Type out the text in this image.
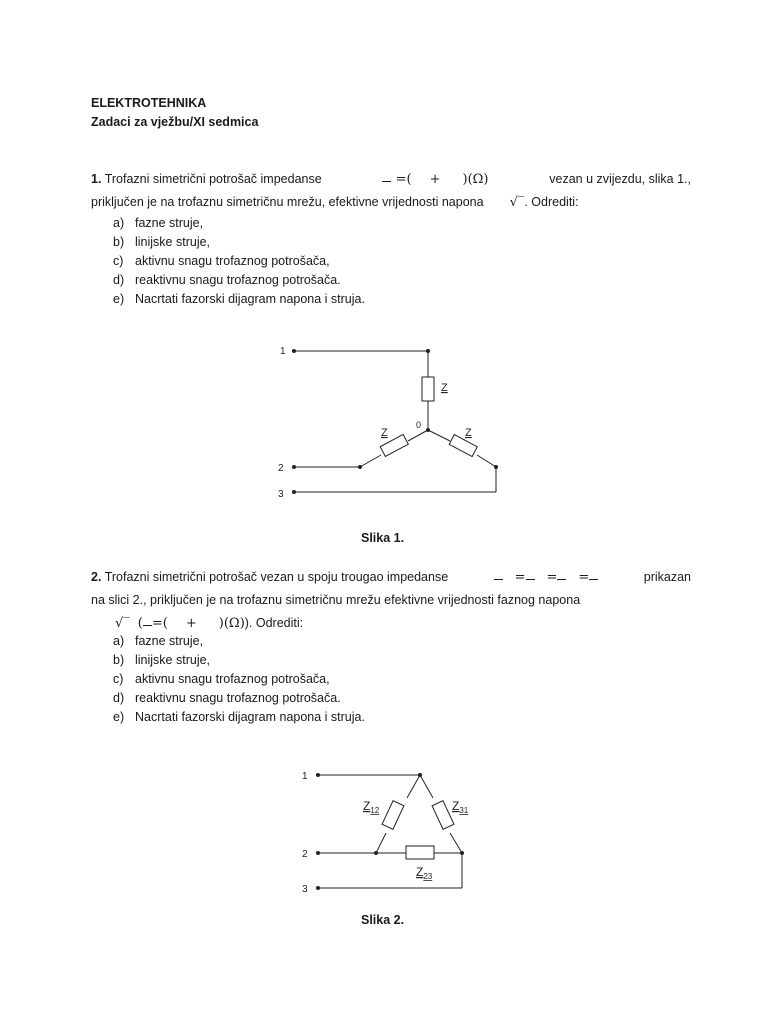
ELEKTROTEHNIKA
Zadaci za vježbu/XI sedmica
1. Trofazni simetrični potrošač impedanse	=( + )(Ω)	vezan u zvijezdu, slika 1.,
priključen je na trofaznu simetričnu mrežu, efektivne vrijednosti napona √‾. Odrediti:
a) fazne struje,
b) linijske struje,
c) aktivnu snagu trofaznog potrošača,
d) reaktivnu snagu trofaznog potrošača.
e) Nacrtati fazorski dijagram napona i struja.
1
2
3
0
Z
Z	Z
Slika 1.
2. Trofazni simetrični potrošač vezan u spoju trougao impedanse	= = =	prikazan
na slici 2., priključen je na trofaznu simetričnu mrežu efektivne vrijednosti faznog napona
√‾ ( =( + )(Ω)). Odrediti:
a) fazne struje,
b) linijske struje,
c) aktivnu snagu trofaznog potrošača,
d) reaktivnu snagu trofaznog potrošača.
e) Nacrtati fazorski dijagram napona i struja.
1
2
3
$Z_{12}$	$Z_{31}$
$Z_{23}$
Slika 2.
